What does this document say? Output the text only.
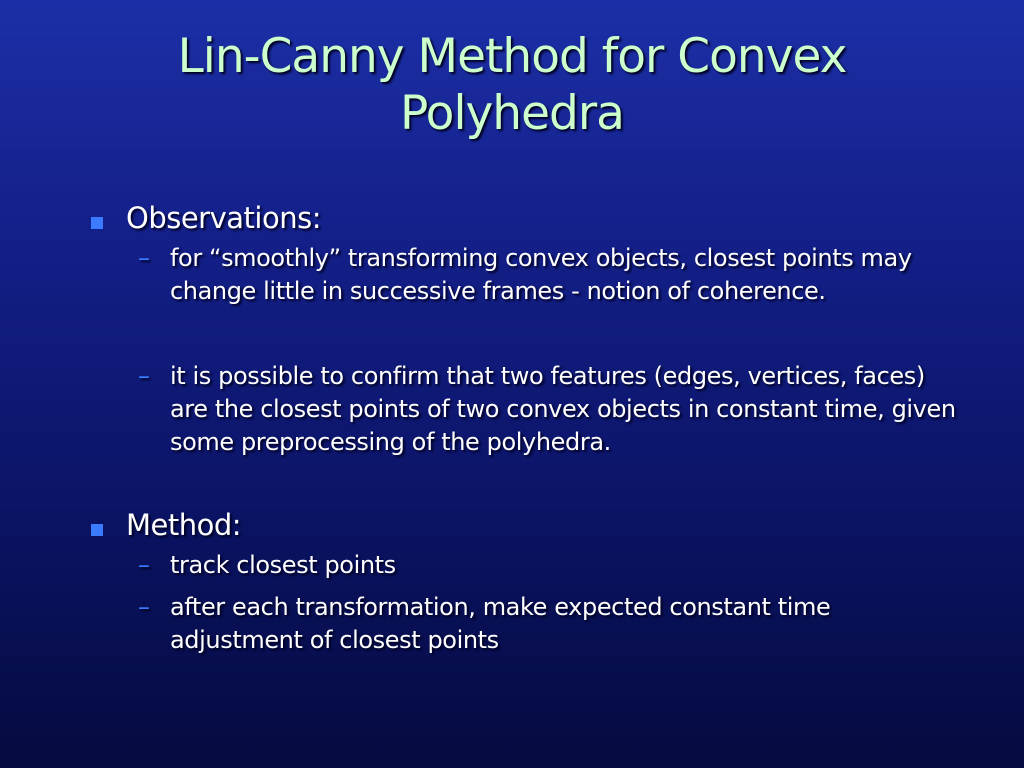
Lin-Canny Method for Convex Polyhedra
Observations:
– for “smoothly” transforming convex objects, closest points may change little in successive frames - notion of coherence.
– it is possible to confirm that two features (edges, vertices, faces) are the closest points of two convex objects in constant time, given some preprocessing of the polyhedra.
Method:
– track closest points
– after each transformation, make expected constant time adjustment of closest points
